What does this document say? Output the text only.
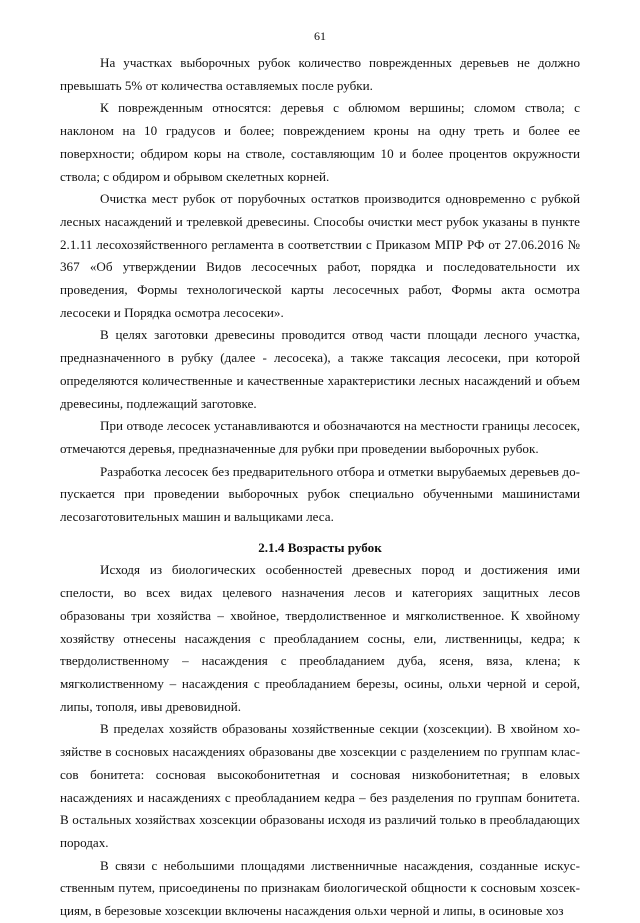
61

На участках выборочных рубок количество поврежденных деревьев не должно превышать 5% от количества оставляемых после рубки.

К поврежденным относятся: деревья с облюмом вершины; сломом ствола; с наклоном на 10 градусов и более; повреждением кроны на одну треть и более ее поверхности; обдиром коры на стволе, составляющим 10 и более процентов окружности ствола; с обдиром и обрывом скелетных корней.

Очистка мест рубок от порубочных остатков производится одновременно с рубкой лесных насаждений и трелевкой древесины. Способы очистки мест рубок указаны в пункте 2.1.11 лесохозяйственного регламента в соответствии с Приказом МПР РФ от 27.06.2016 № 367 «Об утверждении Видов лесосечных работ, порядка и последовательности их проведения, Формы технологической карты лесосечных работ, Формы акта осмотра лесосеки и Порядка осмотра лесосеки».

В целях заготовки древесины проводится отвод части площади лесного участка, предназначенного в рубку (далее - лесосека), а также таксация лесосеки, при которой определяются количественные и качественные характеристики лесных насаждений и объем древесины, подлежащий заготовке.

При отводе лесосек устанавливаются и обозначаются на местности границы лесосек, отмечаются деревья, предназначенные для рубки при проведении выборочных рубок.

Разработка лесосек без предварительного отбора и отметки вырубаемых деревьев допускается при проведении выборочных рубок специально обученными машинистами лесозаготовительных машин и вальщиками леса.

2.1.4 Возрасты рубок

Исходя из биологических особенностей древесных пород и достижения ими спелости, во всех видах целевого назначения лесов и категориях защитных лесов образованы три хозяйства – хвойное, твердолиственное и мягколиственное. К хвойному хозяйству отнесены насаждения с преобладанием сосны, ели, лиственницы, кедра; к твердолиственному – насаждения с преобладанием дуба, ясеня, вяза, клена; к мягколиственному – насаждения с преобладанием березы, осины, ольхи черной и серой, липы, тополя, ивы древовидной.

В пределах хозяйств образованы хозяйственные секции (хозсекции). В хвойном хозяйстве в сосновых насаждениях образованы две хозсекции с разделением по группам классов бонитета: сосновая высокобонитетная и сосновая низкобонитетная; в еловых насаждениях и насаждениях с преобладанием кедра – без разделения по группам бонитета. В остальных хозяйствах хозсекции образованы исходя из различий только в преобладающих породах.

В связи с небольшими площадями лиственничные насаждения, созданные искусственным путем, присоединены по признакам биологической общности к сосновым хозсекциям, в березовые хозсекции включены насаждения ольхи черной и липы, в осиновые хоз
